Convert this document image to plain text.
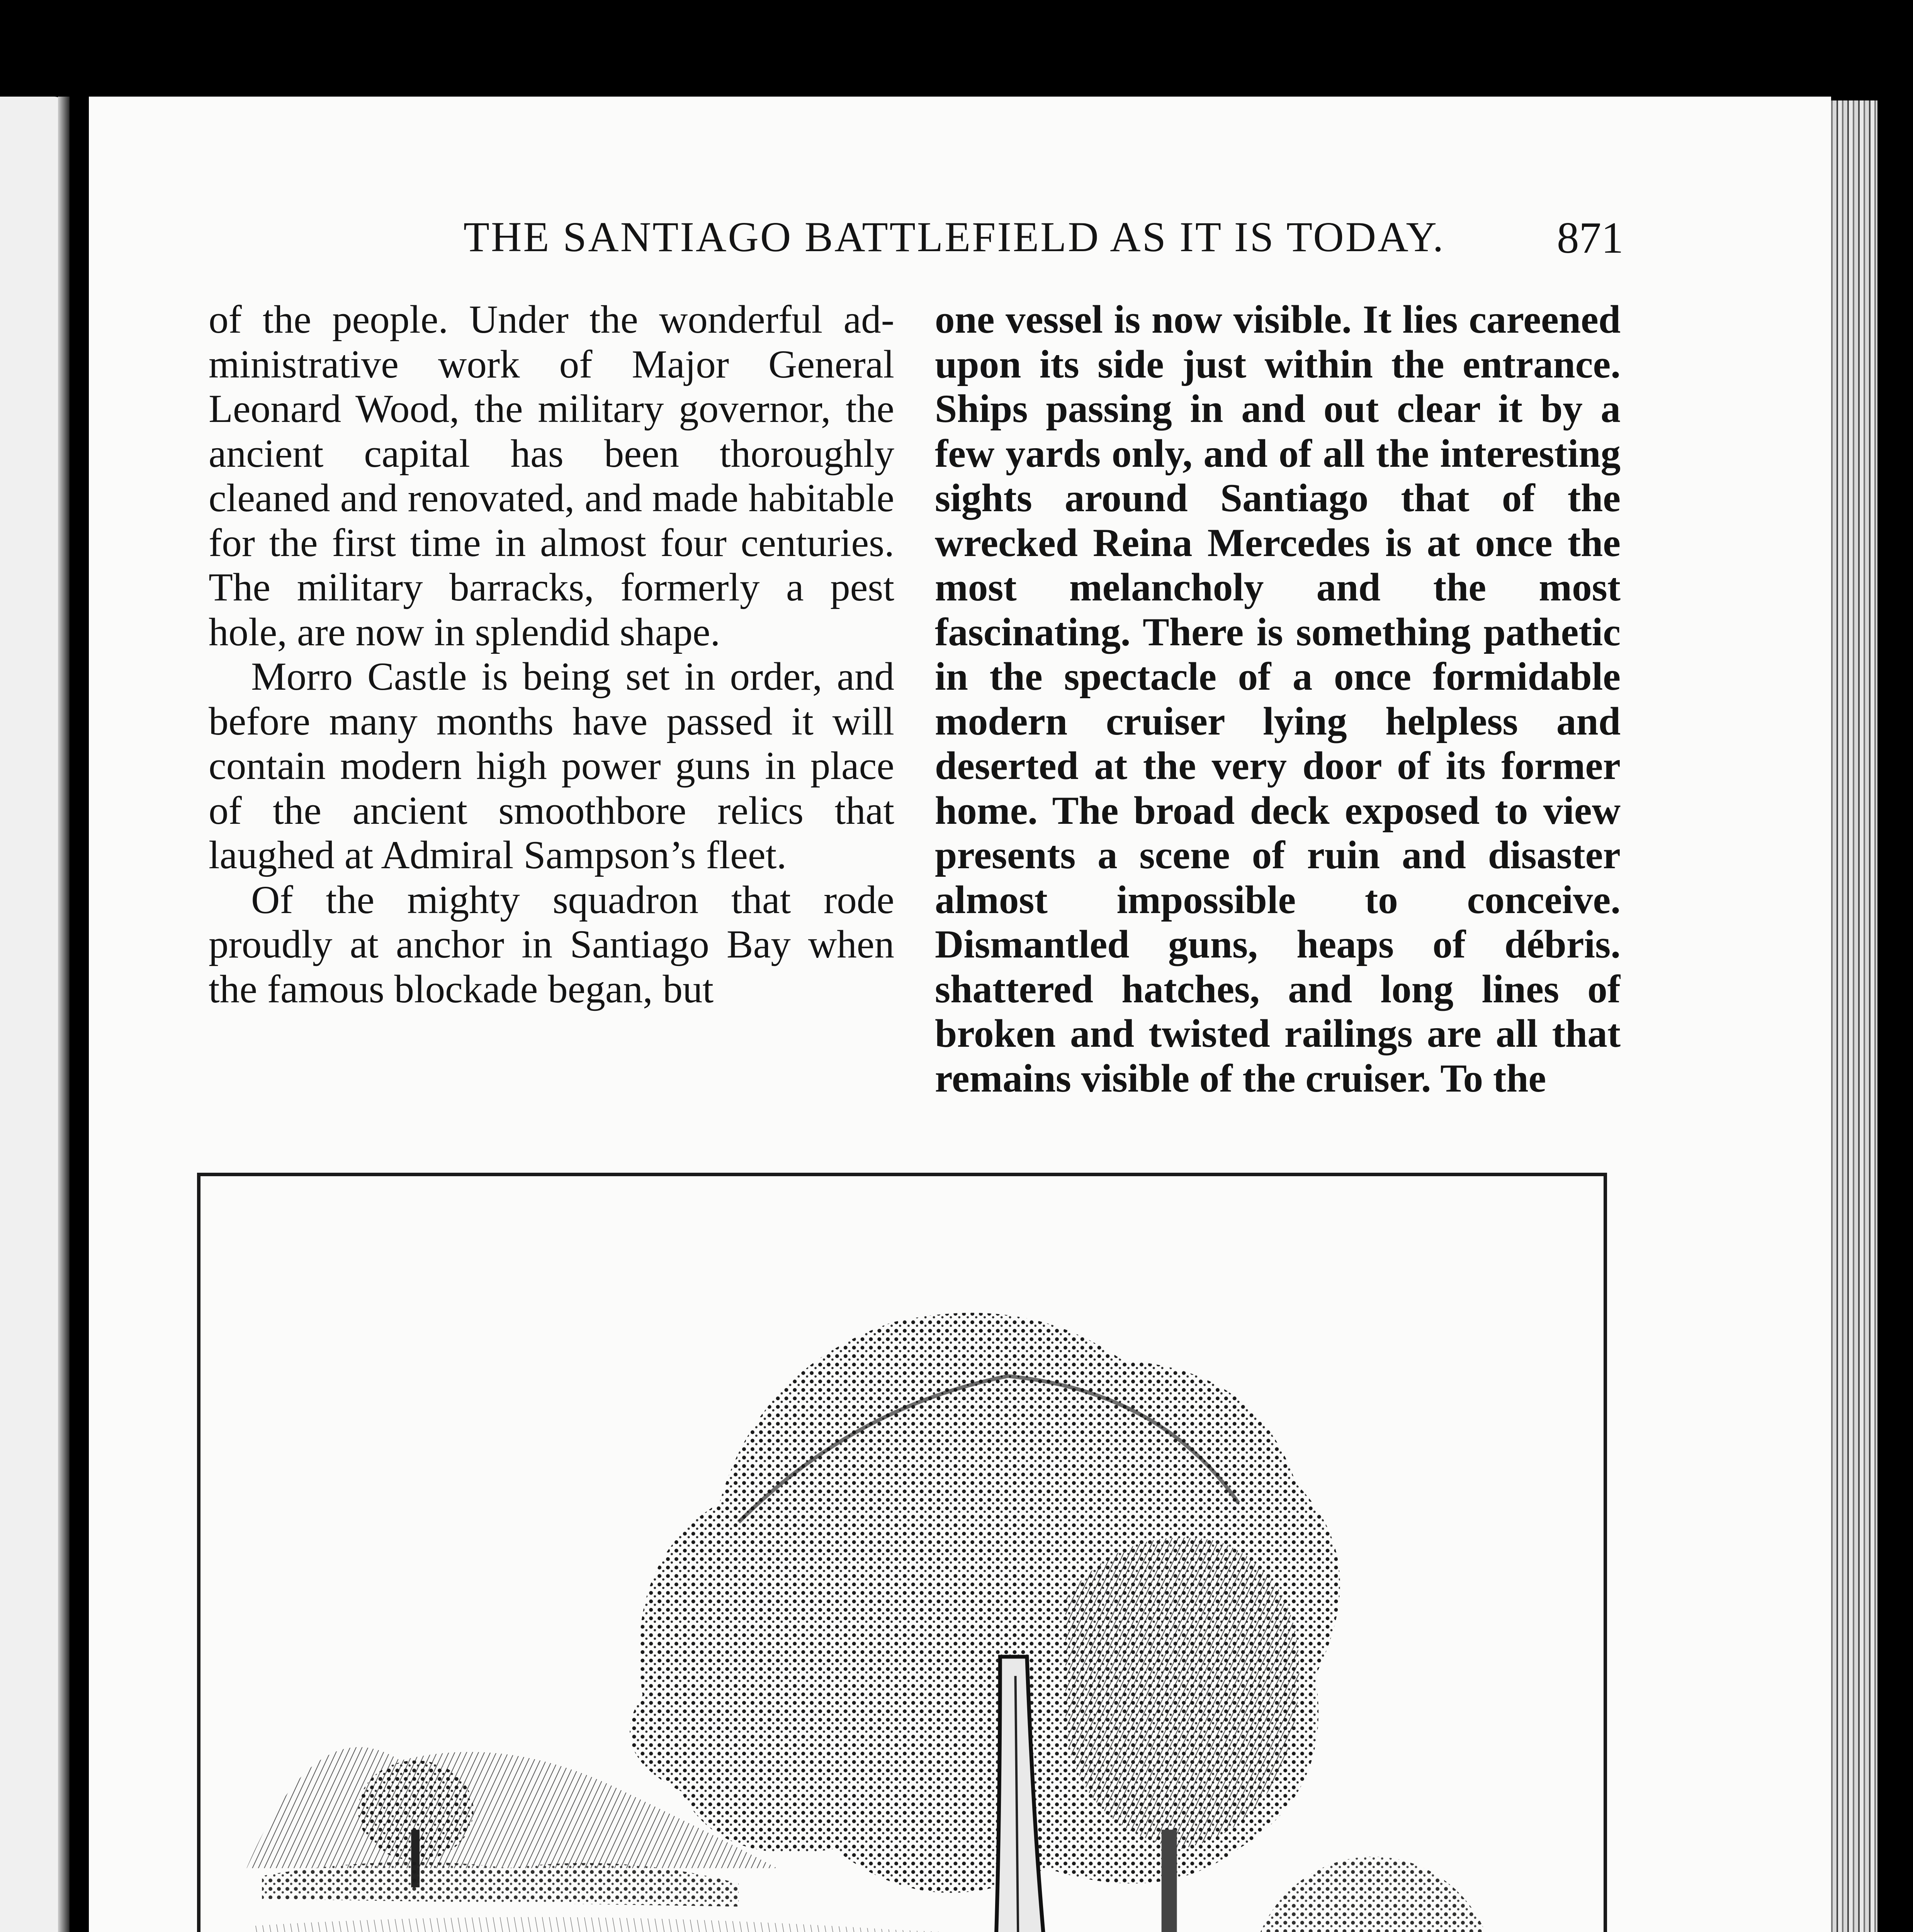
THE SANTIAGO BATTLEFIELD AS IT IS TODAY.	871

of the people. Under the wonderful administrative work of Major General Leonard Wood, the military governor, the ancient capital has been thoroughly cleaned and renovated, and made habitable for the first time in almost four centuries. The military barracks, formerly a pest hole, are now in splendid shape.

Morro Castle is being set in order, and before many months have passed it will contain modern high power guns in place of the ancient smoothbore relics that laughed at Admiral Sampson’s fleet.

Of the mighty squadron that rode proudly at anchor in Santiago Bay when the famous blockade began, but

one vessel is now visible. It lies careened upon its side just within the entrance. Ships passing in and out clear it by a few yards only, and of all the interesting sights around Santiago that of the wrecked Reina Mercedes is at once the most melancholy and the most fascinating. There is something pathetic in the spectacle of a once formidable modern cruiser lying helpless and deserted at the very door of its former home. The broad deck exposed to view presents a scene of ruin and disaster almost impossible to conceive. Dismantled guns, heaps of débris. shattered hatches, and long lines of broken and twisted railings are all that remains visible of the cruiser. To the
